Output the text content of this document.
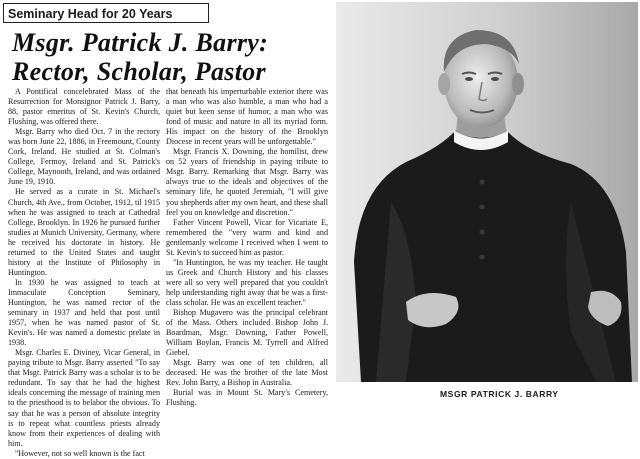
Seminary Head for 20 Years
Msgr. Patrick J. Barry:
Rector, Scholar, Pastor

A Pontifical concelebrated Mass of the Resurrection for Monsignor Patrick J. Barry, 88, pastor emeritus of St. Kevin's Church, Flushing, was offered there.

Msgr. Barry who died Oct. 7 in the rectory was born June 22, 1886, in Freemount, County Cork, Ireland. He studied at St. Colman's College, Fermoy, Ireland and St. Patrick's College, Maynooth, Ireland, and was ordained June 19, 1910.

He served as a curate in St. Michael's Church, 4th Ave., from October, 1912, til 1915 when he was assigned to teach at Cathedral College, Brooklyn. In 1926 he pursued further studies at Munich University, Germany, where he received his doctorate in history. He returned to the United States and taught history at the Institute of Philosophy in Huntington.

In 1930 he was assigned to teach at Immaculate Conception Seminary, Huntington, he was named rector of the seminary in 1937 and held that post until 1957, when he was named pastor of St. Kevin's. He was named a domestic prelate in 1938.

Msgr. Charles E. Diviney, Vicar General, in paying tribute to Msgr. Barry asserted "To say that Msgr. Patrick Barry was a scholar is to be redundant. To say that he had the highest ideals concerning the message of training men to the priesthood is to belabor the obvious. To say that he was a person of absolute integrity is to repeat what countless priests already know from their experiences of dealing with him.

"However, not so well known is the fact

that beneath his imperturbable exterior there was a man who was also humble, a man who had a quiet but keen sense of humor, a man who was fond of music and nature in all its myriad form. His impact on the history of the Brooklyn Diocese in recent years will be unforgettable."

Msgr. Francis X. Downing, the homilist, drew on 52 years of friendship in paying tribute to Msgr. Barry. Remarking that Msgr. Barry was always true to the ideals and objectives of the seminary life, he quoted Jeremiah, "I will give you shepherds after my own heart, and these shall feel you on knowledge and discretion."

Father Vincent Powell, Vicar for Vicariate E, remembered the "very warm and kind and gentlemanly welcome I received when I went to St. Kevin's to succeed him as pastor.

"In Huntington, he was my teacher. He taught us Greek and Church History and his classes were all so very well prepared that you couldn't help understanding right away that he was a first-class scholar. He was an excellent teacher."

Bishop Mugavero was the principal celebrant of the Mass. Others included Bishop John J. Boardman, Msgr. Downing, Father Powell, William Boylan, Francis M. Tyrrell and Alfred Giebel.

Msgr. Barry was one of ten children, all deceased. He was the brother of the late Most Rev. John Barry, a Bishop in Australia.

Burial was in Mount St. Mary's Cemetery, Flushing.

MSGR PATRICK J. BARRY
